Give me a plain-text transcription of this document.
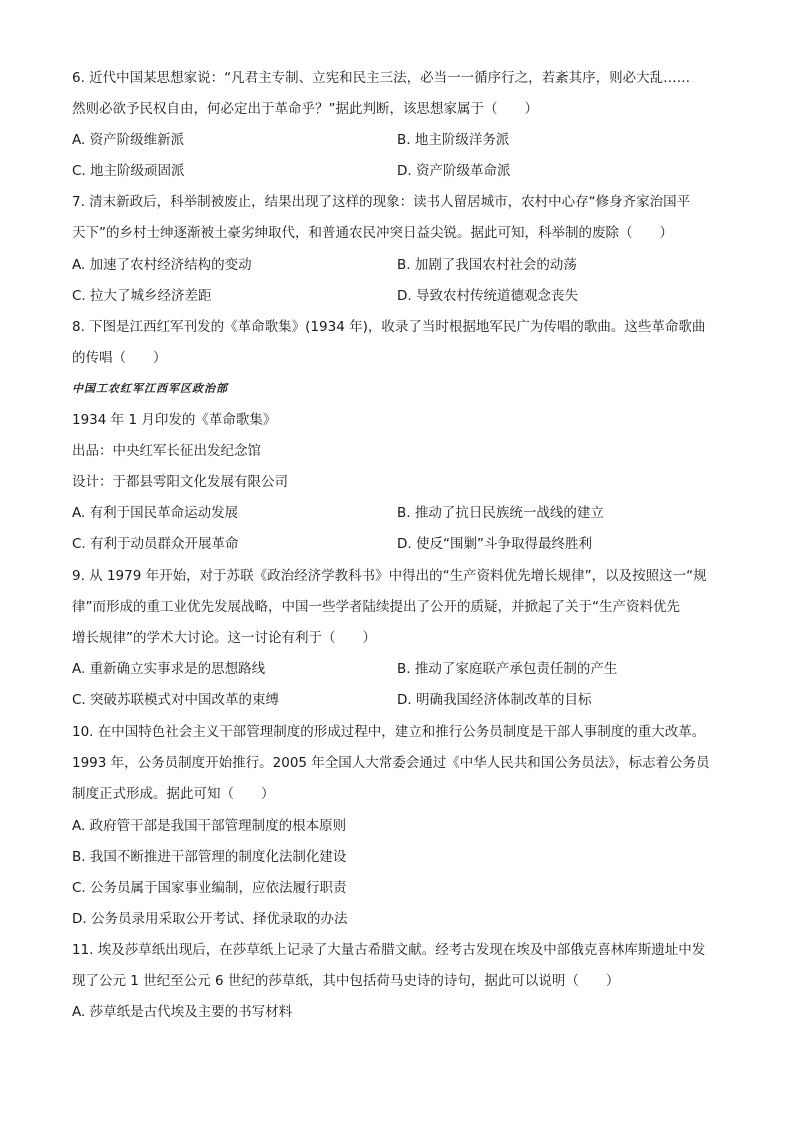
6. 近代中国某思想家说：“凡君主专制、立宪和民主三法，必当一一循序行之，若紊其序，则必大乱……
然则必欲予民权自由，何必定出于革命乎？”据此判断，该思想家属于（　　）
A. 资产阶级维新派	B. 地主阶级洋务派
C. 地主阶级顽固派	D. 资产阶级革命派
7. 清末新政后，科举制被废止，结果出现了这样的现象：读书人留居城市，农村中心存“修身齐家治国平
天下”的乡村士绅逐渐被土豪劣绅取代，和普通农民冲突日益尖锐。据此可知，科举制的废除（　　）
A. 加速了农村经济结构的变动	B. 加剧了我国农村社会的动荡
C. 拉大了城乡经济差距	D. 导致农村传统道德观念丧失
8. 下图是江西红军刊发的《革命歌集》(1934 年)，收录了当时根据地军民广为传唱的歌曲。这些革命歌曲
的传唱（　　）
中国工农红军江西军区政治部
1934 年 1 月印发的《革命歌集》
出品：中央红军长征出发纪念馆
设计：于都县雩阳文化发展有限公司
A. 有利于国民革命运动发展	B. 推动了抗日民族统一战线的建立
C. 有利于动员群众开展革命	D. 使反“围剿”斗争取得最终胜利
9. 从 1979 年开始，对于苏联《政治经济学教科书》中得出的“生产资料优先增长规律”，以及按照这一“规
律”而形成的重工业优先发展战略，中国一些学者陆续提出了公开的质疑，并掀起了关于“生产资料优先
增长规律”的学术大讨论。这一讨论有利于（　　）
A. 重新确立实事求是的思想路线	B. 推动了家庭联产承包责任制的产生
C. 突破苏联模式对中国改革的束缚	D. 明确我国经济体制改革的目标
10. 在中国特色社会主义干部管理制度的形成过程中，建立和推行公务员制度是干部人事制度的重大改革。
1993 年，公务员制度开始推行。2005 年全国人大常委会通过《中华人民共和国公务员法》，标志着公务员
制度正式形成。据此可知（　　）
A. 政府管干部是我国干部管理制度的根本原则
B. 我国不断推进干部管理的制度化法制化建设
C. 公务员属于国家事业编制，应依法履行职责
D. 公务员录用采取公开考试、择优录取的办法
11. 埃及莎草纸出现后，在莎草纸上记录了大量古希腊文献。经考古发现在埃及中部俄克喜林库斯遗址中发
现了公元 1 世纪至公元 6 世纪的莎草纸，其中包括荷马史诗的诗句，据此可以说明（　　）
A. 莎草纸是古代埃及主要的书写材料
